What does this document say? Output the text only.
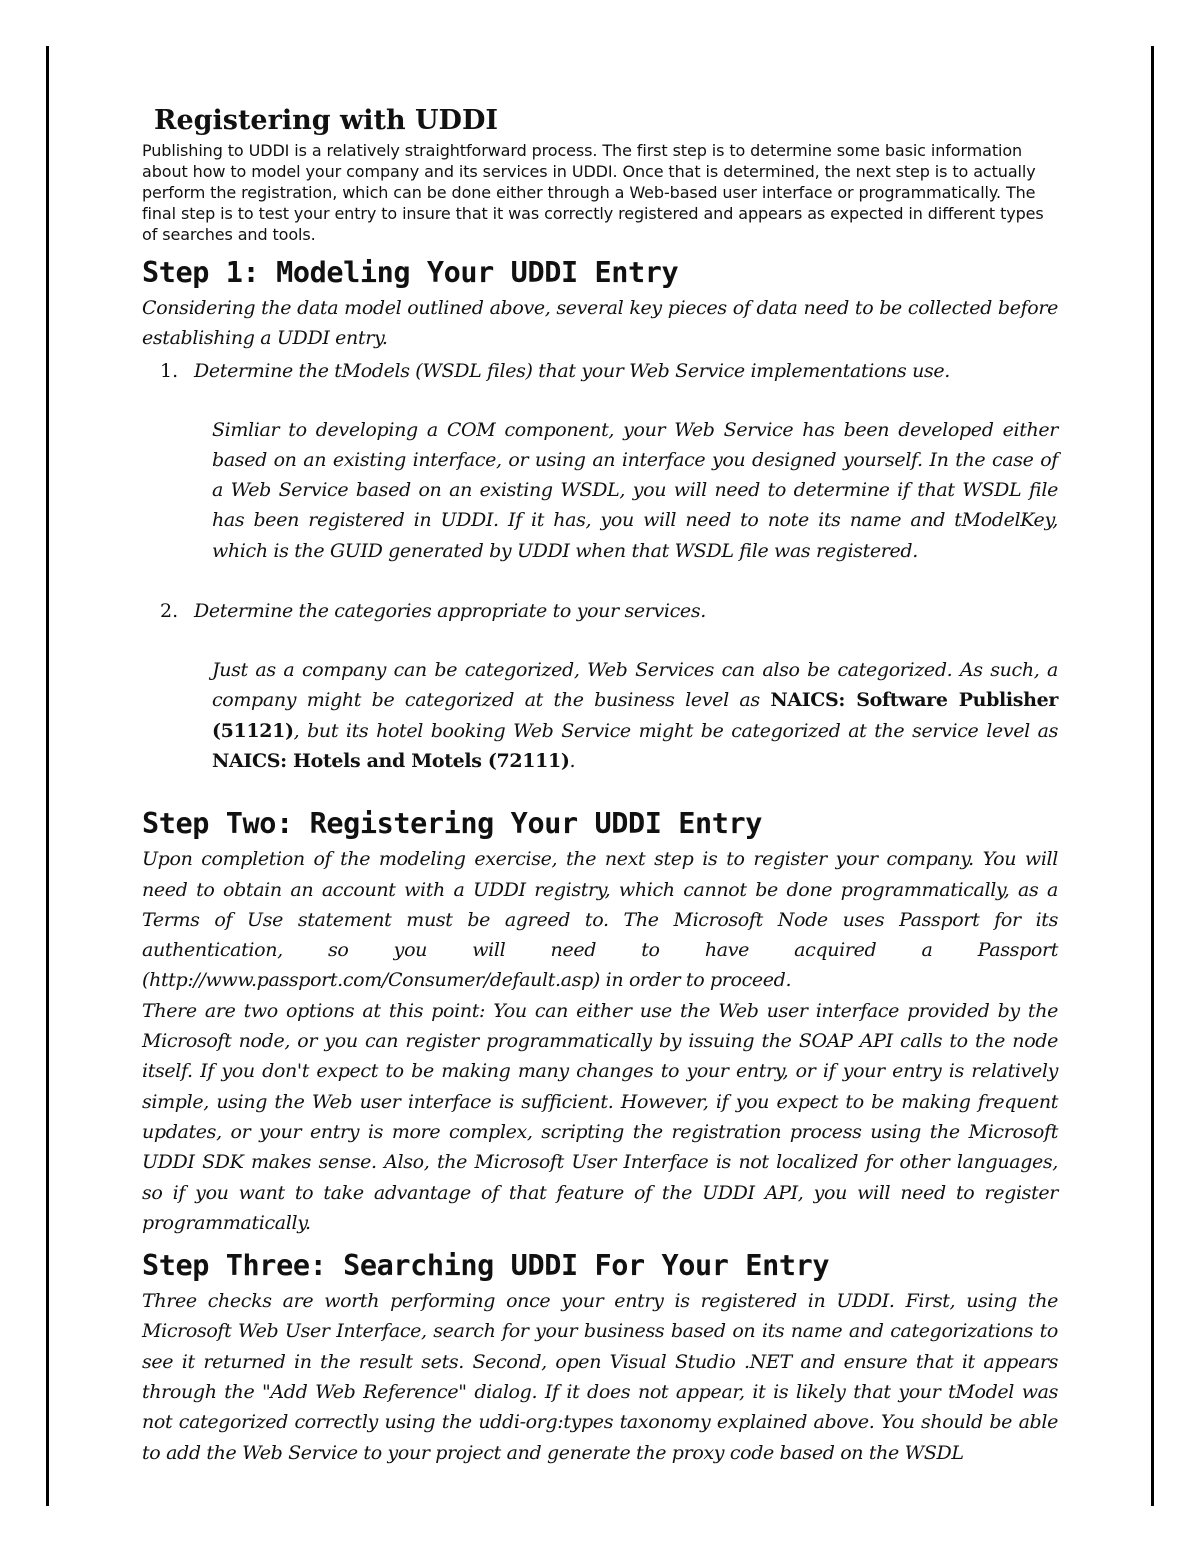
Registering with UDDI

Publishing to UDDI is a relatively straightforward process. The first step is to determine some basic information about how to model your company and its services in UDDI. Once that is determined, the next step is to actually perform the registration, which can be done either through a Web-based user interface or programmatically. The final step is to test your entry to insure that it was correctly registered and appears as expected in different types of searches and tools.

Step 1: Modeling Your UDDI Entry

Considering the data model outlined above, several key pieces of data need to be collected before establishing a UDDI entry.

1. Determine the tModels (WSDL files) that your Web Service implementations use.

Simliar to developing a COM component, your Web Service has been developed either based on an existing interface, or using an interface you designed yourself. In the case of a Web Service based on an existing WSDL, you will need to determine if that WSDL file has been registered in UDDI. If it has, you will need to note its name and tModelKey, which is the GUID generated by UDDI when that WSDL file was registered.

2. Determine the categories appropriate to your services.

Just as a company can be categorized, Web Services can also be categorized. As such, a company might be categorized at the business level as NAICS: Software Publisher (51121), but its hotel booking Web Service might be categorized at the service level as NAICS: Hotels and Motels (72111).

Step Two: Registering Your UDDI Entry

Upon completion of the modeling exercise, the next step is to register your company. You will need to obtain an account with a UDDI registry, which cannot be done programmatically, as a Terms of Use statement must be agreed to. The Microsoft Node uses Passport for its authentication, so you will need to have acquired a Passport (http://www.passport.com/Consumer/default.asp) in order to proceed.

There are two options at this point: You can either use the Web user interface provided by the Microsoft node, or you can register programmatically by issuing the SOAP API calls to the node itself. If you don't expect to be making many changes to your entry, or if your entry is relatively simple, using the Web user interface is sufficient. However, if you expect to be making frequent updates, or your entry is more complex, scripting the registration process using the Microsoft UDDI SDK makes sense. Also, the Microsoft User Interface is not localized for other languages, so if you want to take advantage of that feature of the UDDI API, you will need to register programmatically.

Step Three: Searching UDDI For Your Entry

Three checks are worth performing once your entry is registered in UDDI. First, using the Microsoft Web User Interface, search for your business based on its name and categorizations to see it returned in the result sets. Second, open Visual Studio .NET and ensure that it appears through the "Add Web Reference" dialog. If it does not appear, it is likely that your tModel was not categorized correctly using the uddi-org:types taxonomy explained above. You should be able to add the Web Service to your project and generate the proxy code based on the WSDL
